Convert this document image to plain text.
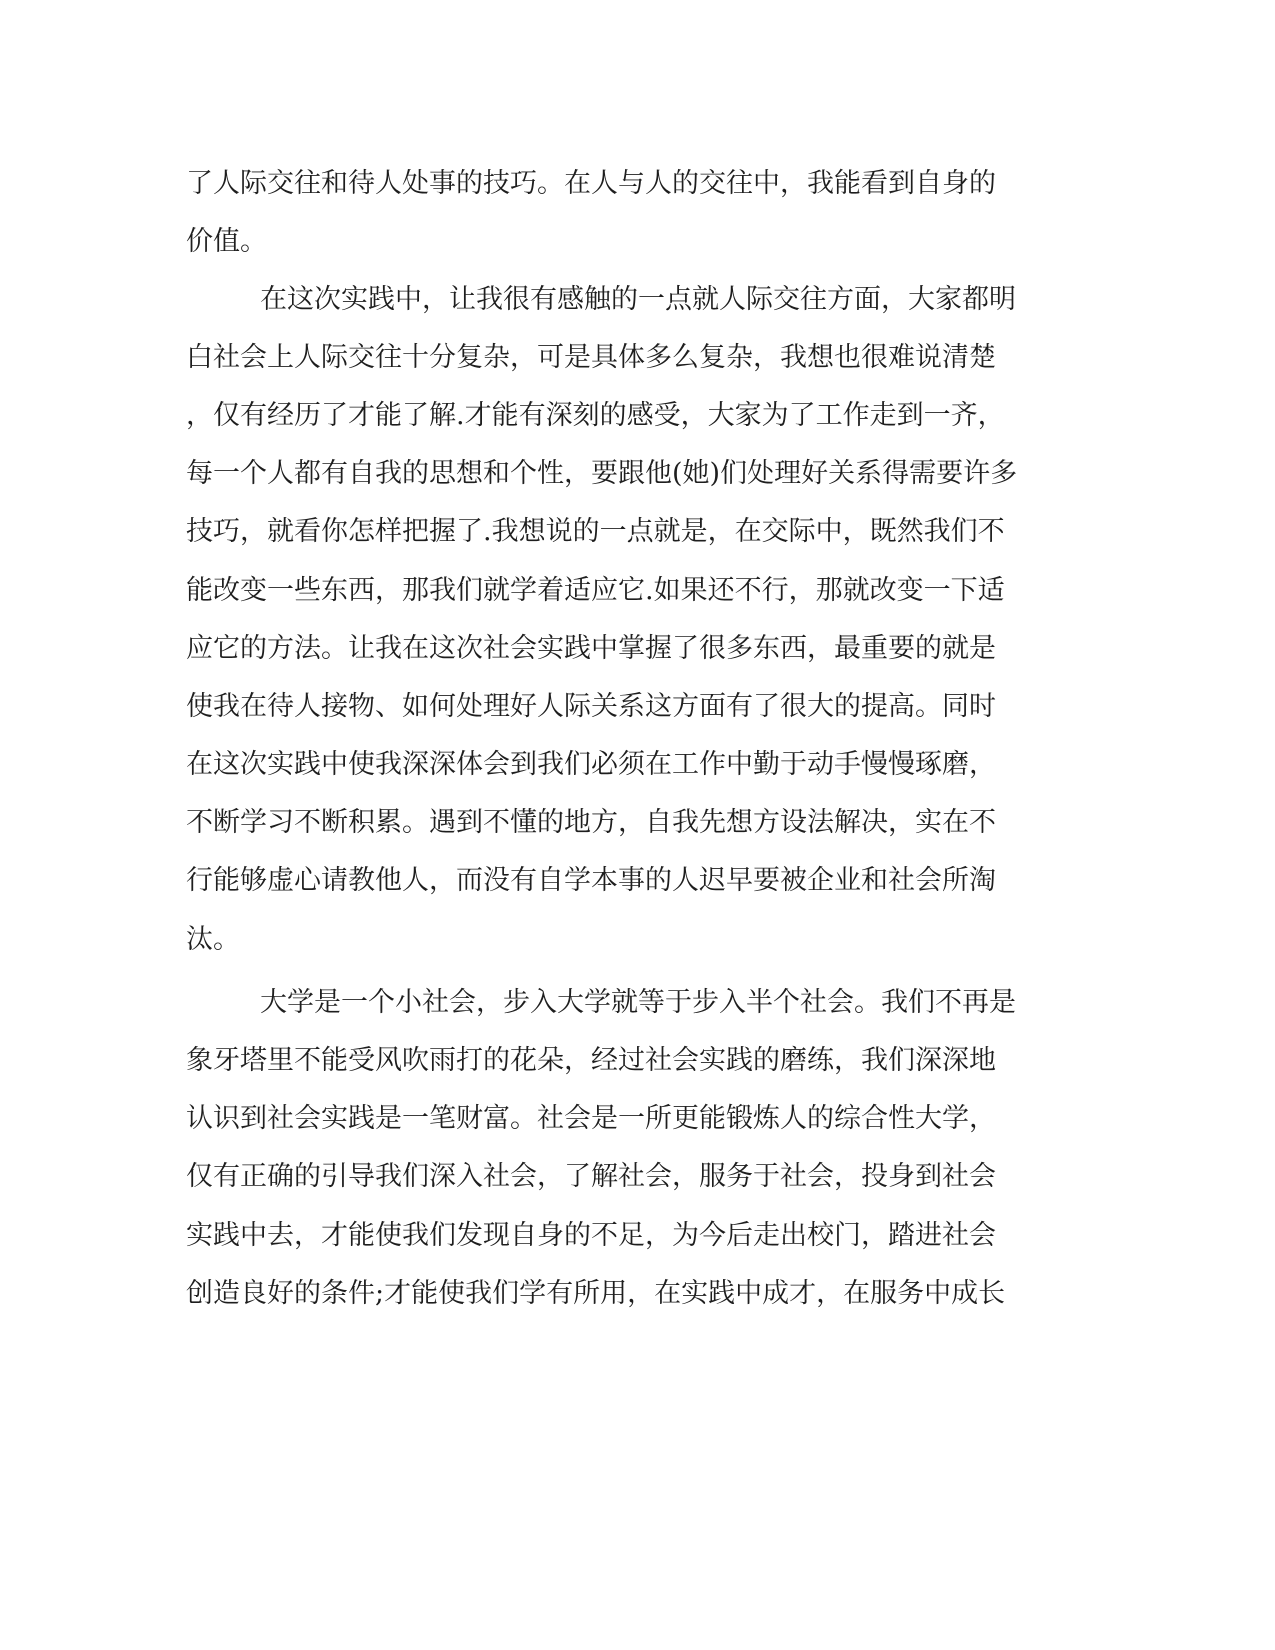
了人际交往和待人处事的技巧。在人与人的交往中，我能看到自身的
价值。
在这次实践中，让我很有感触的一点就人际交往方面，大家都明
白社会上人际交往十分复杂，可是具体多么复杂，我想也很难说清楚
，仅有经历了才能了解.才能有深刻的感受，大家为了工作走到一齐，
每一个人都有自我的思想和个性，要跟他(她)们处理好关系得需要许多
技巧，就看你怎样把握了.我想说的一点就是，在交际中，既然我们不
能改变一些东西，那我们就学着适应它.如果还不行，那就改变一下适
应它的方法。让我在这次社会实践中掌握了很多东西，最重要的就是
使我在待人接物、如何处理好人际关系这方面有了很大的提高。同时
在这次实践中使我深深体会到我们必须在工作中勤于动手慢慢琢磨，
不断学习不断积累。遇到不懂的地方，自我先想方设法解决，实在不
行能够虚心请教他人，而没有自学本事的人迟早要被企业和社会所淘
汰。
大学是一个小社会，步入大学就等于步入半个社会。我们不再是
象牙塔里不能受风吹雨打的花朵，经过社会实践的磨练，我们深深地
认识到社会实践是一笔财富。社会是一所更能锻炼人的综合性大学，
仅有正确的引导我们深入社会，了解社会，服务于社会，投身到社会
实践中去，才能使我们发现自身的不足，为今后走出校门，踏进社会
创造良好的条件;才能使我们学有所用，在实践中成才，在服务中成长
